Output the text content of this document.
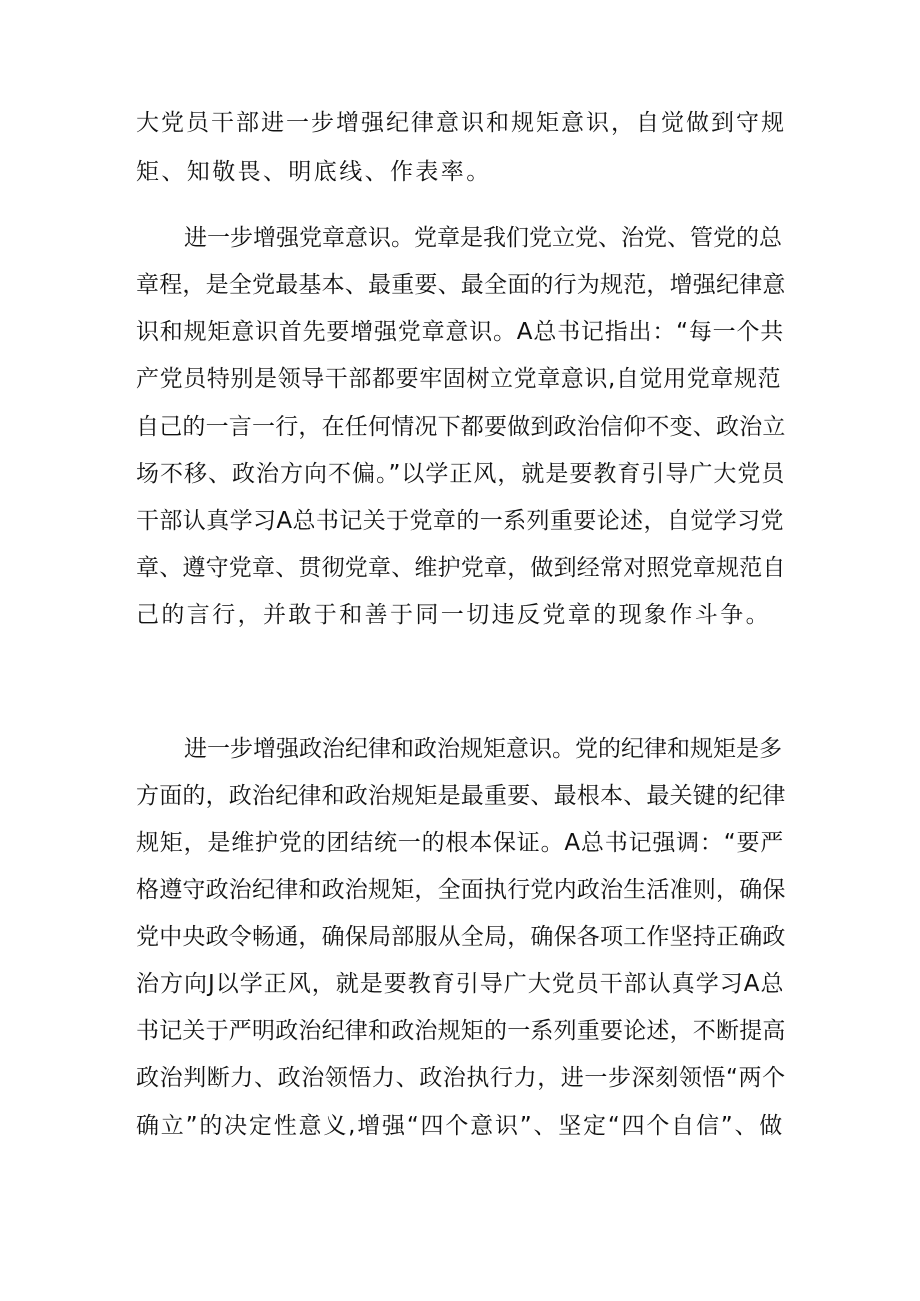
大党员干部进一步增强纪律意识和规矩意识，自觉做到守规
矩、知敬畏、明底线、作表率。
进一步增强党章意识。党章是我们党立党、治党、管党的总
章程，是全党最基本、最重要、最全面的行为规范，增强纪律意
识和规矩意识首先要增强党章意识。A总书记指出：“每一个共
产党员特别是领导干部都要牢固树立党章意识,自觉用党章规范
自己的一言一行，在任何情况下都要做到政治信仰不变、政治立
场不移、政治方向不偏。”以学正风，就是要教育引导广大党员
干部认真学习A总书记关于党章的一系列重要论述，自觉学习党
章、遵守党章、贯彻党章、维护党章，做到经常对照党章规范自
己的言行，并敢于和善于同一切违反党章的现象作斗争。
进一步增强政治纪律和政治规矩意识。党的纪律和规矩是多
方面的，政治纪律和政治规矩是最重要、最根本、最关键的纪律
规矩，是维护党的团结统一的根本保证。A总书记强调：“要严
格遵守政治纪律和政治规矩，全面执行党内政治生活准则，确保
党中央政令畅通，确保局部服从全局，确保各项工作坚持正确政
治方向J以学正风，就是要教育引导广大党员干部认真学习A总
书记关于严明政治纪律和政治规矩的一系列重要论述，不断提高
政治判断力、政治领悟力、政治执行力，进一步深刻领悟“两个
确立”的决定性意义,增强“四个意识”、坚定“四个自信”、做
